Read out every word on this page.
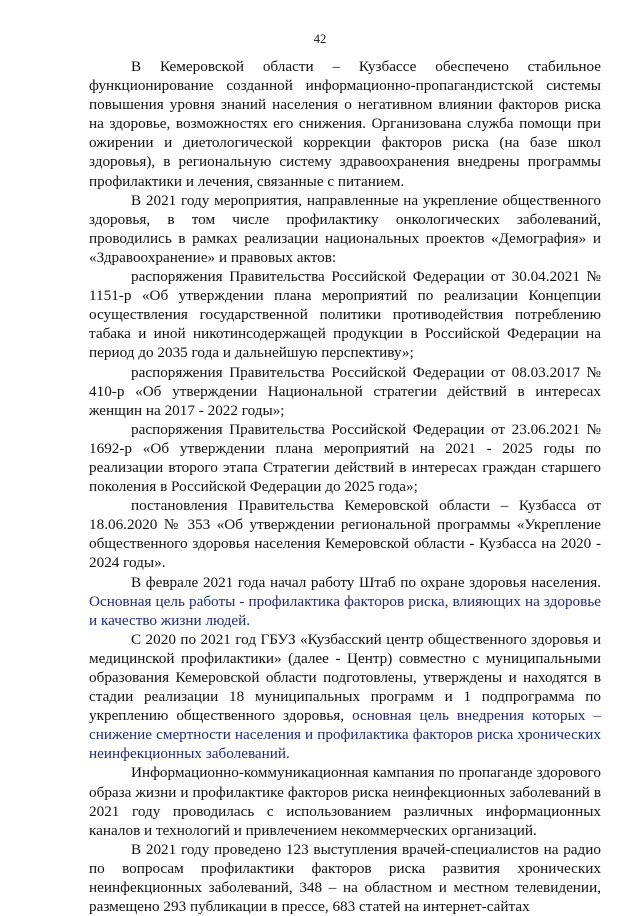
42

В Кемеровской области – Кузбассе обеспечено стабильное функционирование созданной информационно-пропагандистской системы повышения уровня знаний населения о негативном влиянии факторов риска на здоровье, возможностях его снижения. Организована служба помощи при ожирении и диетологической коррекции факторов риска (на базе школ здоровья), в региональную систему здравоохранения внедрены программы профилактики и лечения, связанные с питанием.

В 2021 году мероприятия, направленные на укрепление общественного здоровья, в том числе профилактику онкологических заболеваний, проводились в рамках реализации национальных проектов «Демография» и «Здравоохранение» и правовых актов:

распоряжения Правительства Российской Федерации от 30.04.2021 № 1151-р «Об утверждении плана мероприятий по реализации Концепции осуществления государственной политики противодействия потреблению табака и иной никотинсодержащей продукции в Российской Федерации на период до 2035 года и дальнейшую перспективу»;

распоряжения Правительства Российской Федерации от 08.03.2017 № 410-р «Об утверждении Национальной стратегии действий в интересах женщин на 2017 - 2022 годы»;

распоряжения Правительства Российской Федерации от 23.06.2021 № 1692-р «Об утверждении плана мероприятий на 2021 - 2025 годы по реализации второго этапа Стратегии действий в интересах граждан старшего поколения в Российской Федерации до 2025 года»;

постановления Правительства Кемеровской области – Кузбасса от 18.06.2020 № 353 «Об утверждении региональной программы «Укрепление общественного здоровья населения Кемеровской области - Кузбасса на 2020 - 2024 годы».

В феврале 2021 года начал работу Штаб по охране здоровья населения. Основная цель работы - профилактика факторов риска, влияющих на здоровье и качество жизни людей.

С 2020 по 2021 год ГБУЗ «Кузбасский центр общественного здоровья и медицинской профилактики» (далее - Центр) совместно с муниципальными образования Кемеровской области подготовлены, утверждены и находятся в стадии реализации 18 муниципальных программ и 1 подпрограмма по укреплению общественного здоровья, основная цель внедрения которых – снижение смертности населения и профилактика факторов риска хронических неинфекционных заболеваний.

Информационно-коммуникационная кампания по пропаганде здорового образа жизни и профилактике факторов риска неинфекционных заболеваний в 2021 году проводилась с использованием различных информационных каналов и технологий и привлечением некоммерческих организаций.

В 2021 году проведено 123 выступления врачей-специалистов на радио по вопросам профилактики факторов риска развития хронических неинфекционных заболеваний, 348 – на областном и местном телевидении, размещено 293 публикации в прессе, 683 статей на интернет-сайтах
